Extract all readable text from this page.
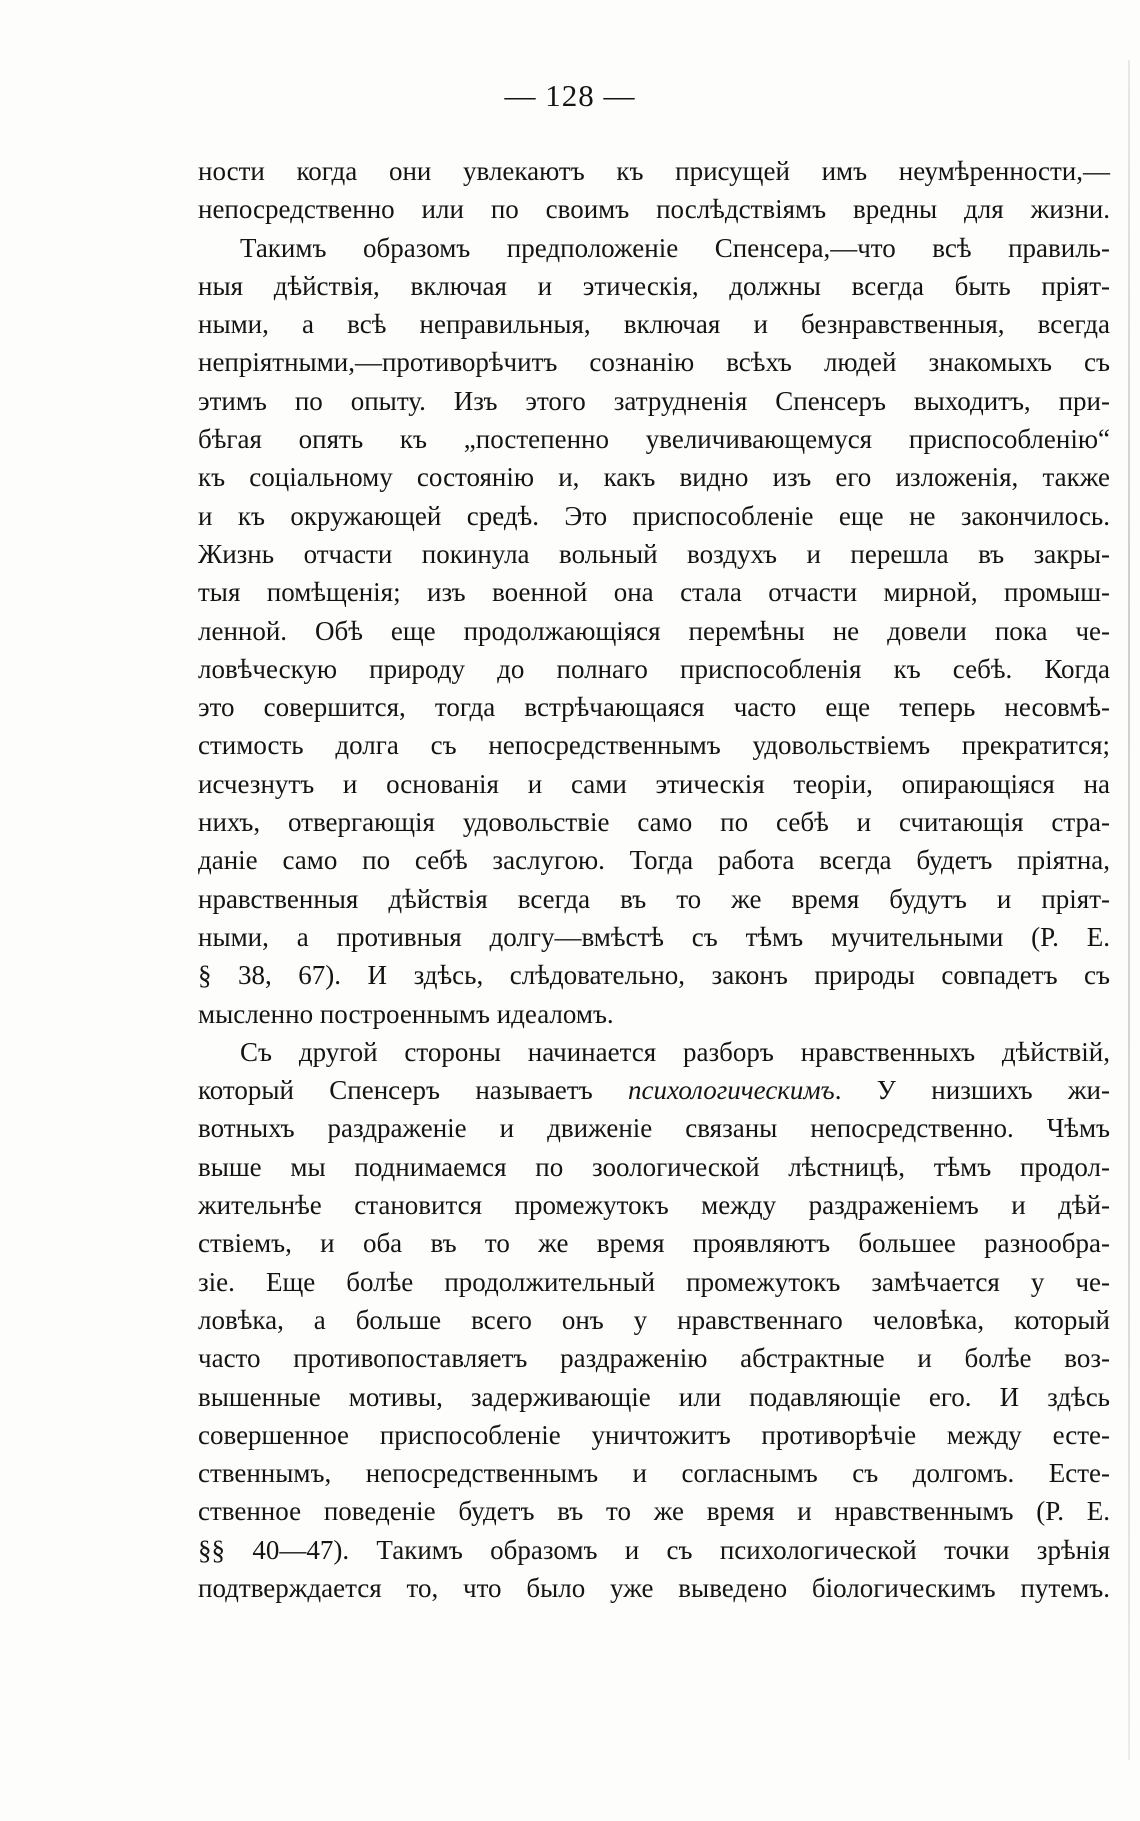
— 128 —
ности когда они увлекаютъ къ присущей имъ неумѣренности,—
непосредственно или по своимъ послѣдствіямъ вредны для жизни.
Такимъ образомъ предположеніе Спенсера,—что всѣ правиль-
ныя дѣйствія, включая и этическія, должны всегда быть пріят-
ными, а всѣ неправильныя, включая и безнравственныя, всегда
непріятными,—противорѣчитъ сознанію всѣхъ людей знакомыхъ съ
этимъ по опыту. Изъ этого затрудненія Спенсеръ выходитъ, при-
бѣгая опять къ „постепенно увеличивающемуся приспособленію“
къ соціальному состоянію и, какъ видно изъ его изложенія, также
и къ окружающей средѣ. Это приспособленіе еще не закончилось.
Жизнь отчасти покинула вольный воздухъ и перешла въ закры-
тыя помѣщенія; изъ военной она стала отчасти мирной, промыш-
ленной. Обѣ еще продолжающіяся перемѣны не довели пока че-
ловѣческую природу до полнаго приспособленія къ себѣ. Когда
это совершится, тогда встрѣчающаяся часто еще теперь несовмѣ-
стимость долга съ непосредственнымъ удовольствіемъ прекратится;
исчезнутъ и основанія и сами этическія теоріи, опирающіяся на
нихъ, отвергающія удовольствіе само по себѣ и считающія стра-
даніе само по себѣ заслугою. Тогда работа всегда будетъ пріятна,
нравственныя дѣйствія всегда въ то же время будутъ и пріят-
ными, а противныя долгу—вмѣстѣ съ тѣмъ мучительными (P. E.
§ 38, 67). И здѣсь, слѣдовательно, законъ природы совпадетъ съ
мысленно построеннымъ идеаломъ.
Съ другой стороны начинается разборъ нравственныхъ дѣйствій,
который Спенсеръ называетъ психологическимъ. У низшихъ жи-
вотныхъ раздраженіе и движеніе связаны непосредственно. Чѣмъ
выше мы поднимаемся по зоологической лѣстницѣ, тѣмъ продол-
жительнѣе становится промежутокъ между раздраженіемъ и дѣй-
ствіемъ, и оба въ то же время проявляютъ большее разнообра-
зіе. Еще болѣе продолжительный промежутокъ замѣчается у че-
ловѣка, а больше всего онъ у нравственнаго человѣка, который
часто противопоставляетъ раздраженію абстрактные и болѣе воз-
вышенные мотивы, задерживающіе или подавляющіе его. И здѣсь
совершенное приспособленіе уничтожитъ противорѣчіе между есте-
ственнымъ, непосредственнымъ и согласнымъ съ долгомъ. Есте-
ственное поведеніе будетъ въ то же время и нравственнымъ (P. E.
§§ 40—47). Такимъ образомъ и съ психологической точки зрѣнія
подтверждается то, что было уже выведено біологическимъ путемъ.
